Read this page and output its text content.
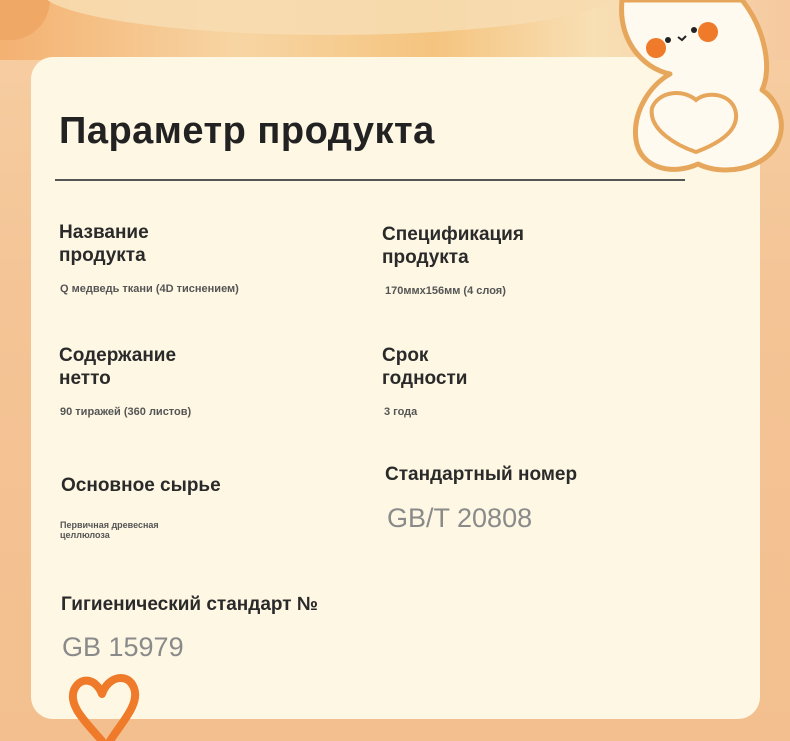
Параметр продукта
Название
продукта
Q медведь ткани (4D тиснением)
Спецификация
продукта
170ммх156мм (4 слоя)
Содержание
нетто
90 тиражей (360 листов)
Срок
годности
3 года
Основное сырье
Первичная древесная
целлюлоза
Стандартный номер
GB/T 20808
Гигиенический стандарт №
GB 15979
